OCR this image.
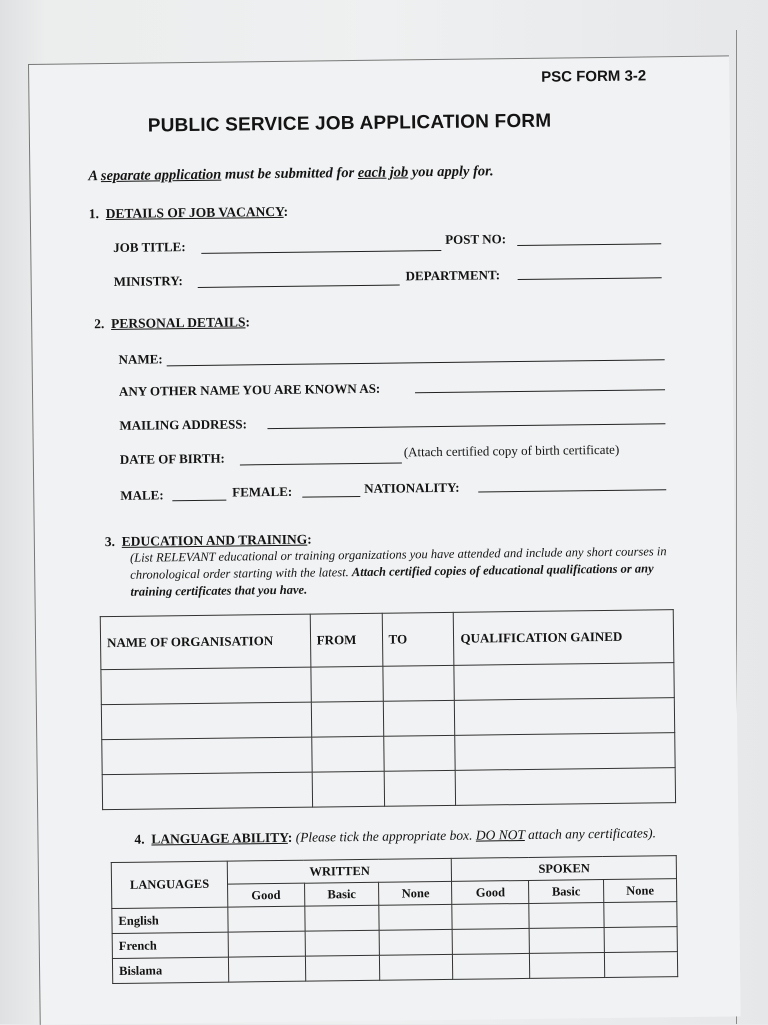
PSC FORM 3-2
PUBLIC SERVICE JOB APPLICATION FORM
A separate application must be submitted for each job you apply for.
1. DETAILS OF JOB VACANCY:
JOB TITLE:
POST NO:
MINISTRY:	DEPARTMENT:
2. PERSONAL DETAILS:
NAME:
ANY OTHER NAME YOU ARE KNOWN AS:
MAILING ADDRESS:
DATE OF BIRTH:	(Attach certified copy of birth certificate)
MALE:	FEMALE:	NATIONALITY:
3. EDUCATION AND TRAINING:
(List RELEVANT educational or training organizations you have attended and include any short courses in chronological order starting with the latest. Attach certified copies of educational qualifications or any training certificates that you have.
NAME OF ORGANISATION	FROM	TO	QUALIFICATION GAINED

4. LANGUAGE ABILITY: (Please tick the appropriate box. DO NOT attach any certificates).
LANGUAGES	WRITTEN			SPOKEN		
	Good	Basic	None	Good	Basic	None
English						
French						
Bislama						
